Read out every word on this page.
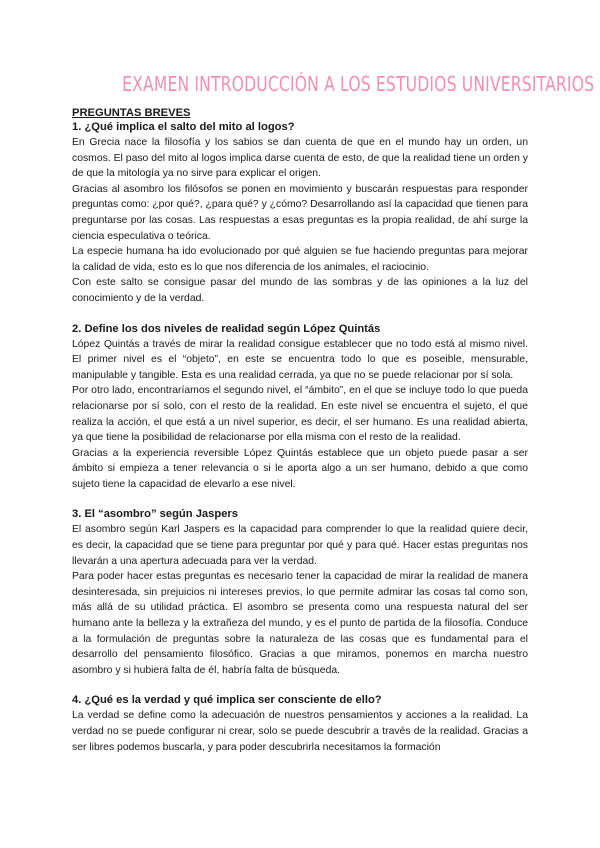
EXAMEN INTRODUCCIÓN A LOS ESTUDIOS UNIVERSITARIOS

PREGUNTAS BREVES

1. ¿Qué implica el salto del mito al logos?

En Grecia nace la filosofía y los sabios se dan cuenta de que en el mundo hay un orden, un cosmos. El paso del mito al logos implica darse cuenta de esto, de que la realidad tiene un orden y de que la mitología ya no sirve para explicar el origen.

Gracias al asombro los filósofos se ponen en movimiento y buscarán respuestas para responder preguntas como: ¿por qué?, ¿para qué? y ¿cómo? Desarrollando así la capacidad que tienen para preguntarse por las cosas. Las respuestas a esas preguntas es la propia realidad, de ahí surge la ciencia especulativa o teórica.

La especie humana ha ido evolucionado por qué alguien se fue haciendo preguntas para mejorar la calidad de vida, esto es lo que nos diferencia de los animales, el raciocinio.

Con este salto se consigue pasar del mundo de las sombras y de las opiniones a la luz del conocimiento y de la verdad.

2. Define los dos niveles de realidad según López Quintás

López Quintás a través de mirar la realidad consigue establecer que no todo está al mismo nivel. El primer nivel es el “objeto”, en este se encuentra todo lo que es poseible, mensurable, manipulable y tangible. Esta es una realidad cerrada, ya que no se puede relacionar por sí sola.

Por otro lado, encontraríamos el segundo nivel, el “ámbito”, en el que se incluye todo lo que pueda relacionarse por sí solo, con el resto de la realidad. En este nivel se encuentra el sujeto, el que realiza la acción, el que está a un nivel superior, es decir, el ser humano. Es una realidad abierta, ya que tiene la posibilidad de relacionarse por ella misma con el resto de la realidad.

Gracias a la experiencia reversible López Quintás establece que un objeto puede pasar a ser ámbito si empieza a tener relevancia o si le aporta algo a un ser humano, debido a que como sujeto tiene la capacidad de elevarlo a ese nivel.

3. El “asombro” según Jaspers

El asombro según Karl Jaspers es la capacidad para comprender lo que la realidad quiere decir, es decir, la capacidad que se tiene para preguntar por qué y para qué. Hacer estas preguntas nos llevarán a una apertura adecuada para ver la verdad.

Para poder hacer estas preguntas es necesario tener la capacidad de mirar la realidad de manera desinteresada, sin prejuicios ni intereses previos, lo que permite admirar las cosas tal como son, más allá de su utilidad práctica. El asombro se presenta como una respuesta natural del ser humano ante la belleza y la extrañeza del mundo, y es el punto de partida de la filosofía. Conduce a la formulación de preguntas sobre la naturaleza de las cosas que es fundamental para el desarrollo del pensamiento filosófico. Gracias a que miramos, ponemos en marcha nuestro asombro y si hubiera falta de él, habría falta de búsqueda.

4. ¿Qué es la verdad y qué implica ser consciente de ello?

La verdad se define como la adecuación de nuestros pensamientos y acciones a la realidad. La verdad no se puede configurar ni crear, solo se puede descubrir a través de la realidad. Gracias a ser libres podemos buscarla, y para poder descubrirla necesitamos la formación
